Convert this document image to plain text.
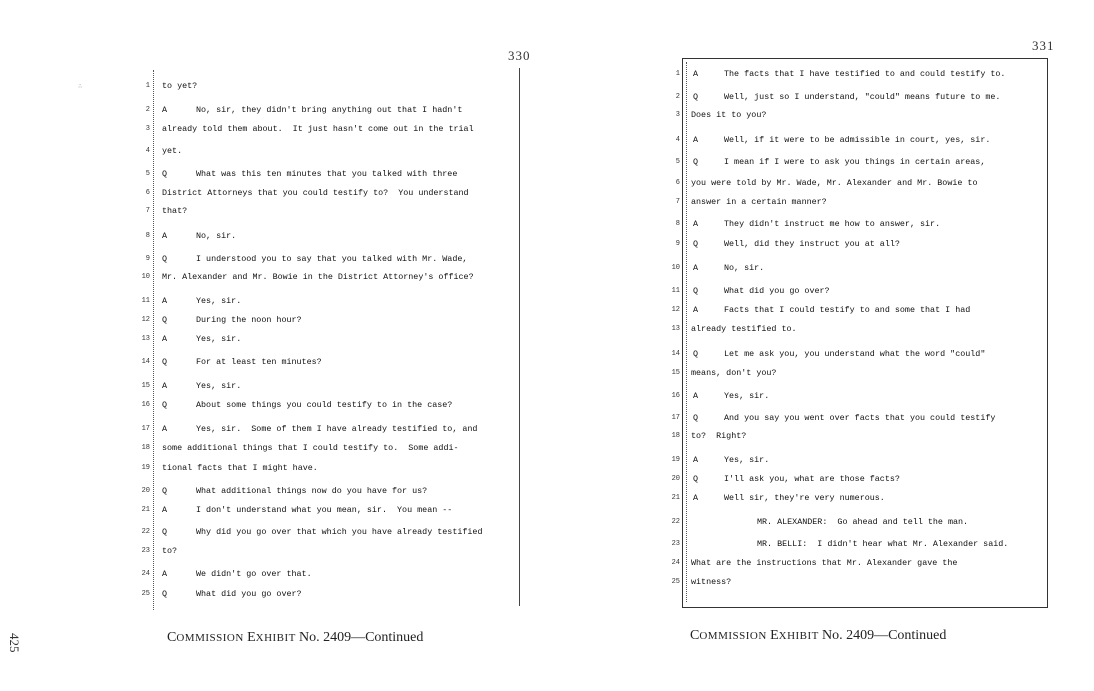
330
1 to yet?
2 A	No, sir, they didn't bring anything out that I hadn't
3 already told them about.  It just hasn't come out in the trial
4 yet.
5 Q	What was this ten minutes that you talked with three
6 District Attorneys that you could testify to?  You understand
7 that?
8 A	No, sir.
9 Q	I understood you to say that you talked with Mr. Wade,
10 Mr. Alexander and Mr. Bowie in the District Attorney's office?
11 A	Yes, sir.
12 Q	During the noon hour?
13 A	Yes, sir.
14 Q	For at least ten minutes?
15 A	Yes, sir.
16 Q	About some things you could testify to in the case?
17 A	Yes, sir.  Some of them I have already testified to, and
18 some additional things that I could testify to.  Some addi-
19 tional facts that I might have.
20 Q	What additional things now do you have for us?
21 A	I don't understand what you mean, sir.  You mean --
22 Q	Why did you go over that which you have already testified
23 to?
24 A	We didn't go over that.
25 Q	What did you go over?
COMMISSION EXHIBIT No. 2409—Continued
331
1 A	The facts that I have testified to and could testify to.
2 Q	Well, just so I understand, "could" means future to me.
3 Does it to you?
4 A	Well, if it were to be admissible in court, yes, sir.
5 Q	I mean if I were to ask you things in certain areas,
6 you were told by Mr. Wade, Mr. Alexander and Mr. Bowie to
7 answer in a certain manner?
8 A	They didn't instruct me how to answer, sir.
9 Q	Well, did they instruct you at all?
10 A	No, sir.
11 Q	What did you go over?
12 A	Facts that I could testify to and some that I had
13 already testified to.
14 Q	Let me ask you, you understand what the word "could"
15 means, don't you?
16 A	Yes, sir.
17 Q	And you say you went over facts that you could testify
18 to?  Right?
19 A	Yes, sir.
20 Q	I'll ask you, what are those facts?
21 A	Well sir, they're very numerous.
22	MR. ALEXANDER:  Go ahead and tell the man.
23	MR. BELLI:  I didn't hear what Mr. Alexander said.
24 What are the instructions that Mr. Alexander gave the
25 witness?
COMMISSION EXHIBIT No. 2409—Continued
425
∴
